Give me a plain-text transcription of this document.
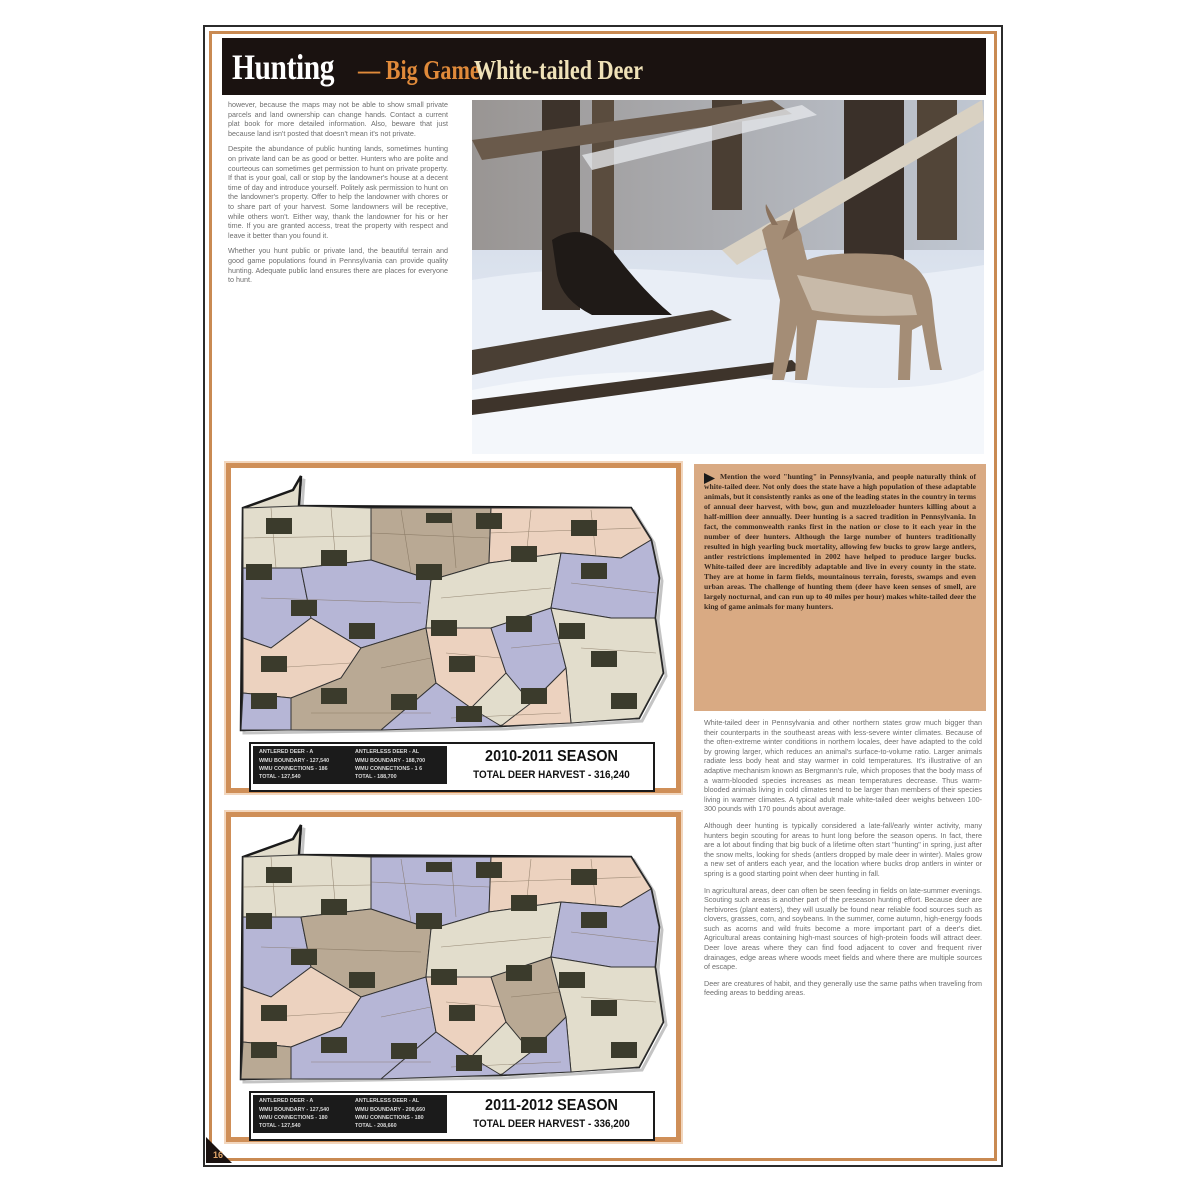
Hunting — Big Game
White-tailed Deer

however, because the maps may not be able to show small private parcels and land ownership can change hands. Contact a current plat book for more detailed information. Also, beware that just because land isn't posted that doesn't mean it's not private.

Despite the abundance of public hunting lands, sometimes hunting on private land can be as good or better. Hunters who are polite and courteous can sometimes get permission to hunt on private property. If that is your goal, call or stop by the landowner's house at a decent time of day and introduce yourself. Politely ask permission to hunt on the landowner's property. Offer to help the landowner with chores or to share part of your harvest. Some landowners will be receptive, while others won't. Either way, thank the landowner for his or her time. If you are granted access, treat the property with respect and leave it better than you found it.

Whether you hunt public or private land, the beautiful terrain and good game populations found in Pennsylvania can provide quality hunting. Adequate public land ensures there are places for everyone to hunt.

ANTLERED DEER - A
WMU BOUNDARY - 127,540
WMU CONNECTIONS - 186
TOTAL - 127,540
ANTLERLESS DEER - AL
WMU BOUNDARY - 188,700
WMU CONNECTIONS - 1 6
TOTAL - 188,700
2010-2011 SEASON
TOTAL DEER HARVEST - 316,240
ANTLERED DEER - A
WMU BOUNDARY - 127,540
WMU CONNECTIONS - 180
TOTAL - 127,540
ANTLERLESS DEER - AL
WMU BOUNDARY - 208,660
WMU CONNECTIONS - 180
TOTAL - 208,660
2011-2012 SEASON
TOTAL DEER HARVEST - 336,200

Mention the word "hunting" in Pennsylvania, and people naturally think of white-tailed deer. Not only does the state have a high population of these adaptable animals, but it consistently ranks as one of the leading states in the country in terms of annual deer harvest, with bow, gun and muzzleloader hunters killing about a half-million deer annually. Deer hunting is a sacred tradition in Pennsylvania. In fact, the commonwealth ranks first in the nation or close to it each year in the number of deer hunters. Although the large number of hunters traditionally resulted in high yearling buck mortality, allowing few bucks to grow large antlers, antler restrictions implemented in 2002 have helped to produce larger bucks. White-tailed deer are incredibly adaptable and live in every county in the state. They are at home in farm fields, mountainous terrain, forests, swamps and even urban areas. The challenge of hunting them (deer have keen senses of smell, are largely nocturnal, and can run up to 40 miles per hour) makes white-tailed deer the king of game animals for many hunters.

White-tailed deer in Pennsylvania and other northern states grow much bigger than their counterparts in the southeast areas with less-severe winter climates. Because of the often-extreme winter conditions in northern locales, deer have adapted to the cold by growing larger, which reduces an animal's surface-to-volume ratio. Larger animals radiate less body heat and stay warmer in cold temperatures. It's illustrative of an adaptive mechanism known as Bergmann's rule, which proposes that the body mass of a warm-blooded species increases as mean temperatures decrease. Thus warm-blooded animals living in cold climates tend to be larger than members of their species living in warmer climates. A typical adult male white-tailed deer weighs between 100-300 pounds with 170 pounds about average.

Although deer hunting is typically considered a late-fall/early winter activity, many hunters begin scouting for areas to hunt long before the season opens. In fact, there are a lot about finding that big buck of a lifetime often start "hunting" in spring, just after the snow melts, looking for sheds (antlers dropped by male deer in winter). Males grow a new set of antlers each year, and the location where bucks drop antlers in winter or spring is a good starting point when deer hunting in fall.

In agricultural areas, deer can often be seen feeding in fields on late-summer evenings. Scouting such areas is another part of the preseason hunting effort. Because deer are herbivores (plant eaters), they will usually be found near reliable food sources such as clovers, grasses, corn, and soybeans. In the summer, come autumn, high-energy foods such as acorns and wild fruits become a more important part of a deer's diet. Agricultural areas containing high-mast sources of high-protein foods will attract deer. Deer love areas where they can find food adjacent to cover and frequent river drainages, edge areas where woods meet fields and where there are multiple sources of escape.

Deer are creatures of habit, and they generally use the same paths when traveling from feeding areas to bedding areas.

16
